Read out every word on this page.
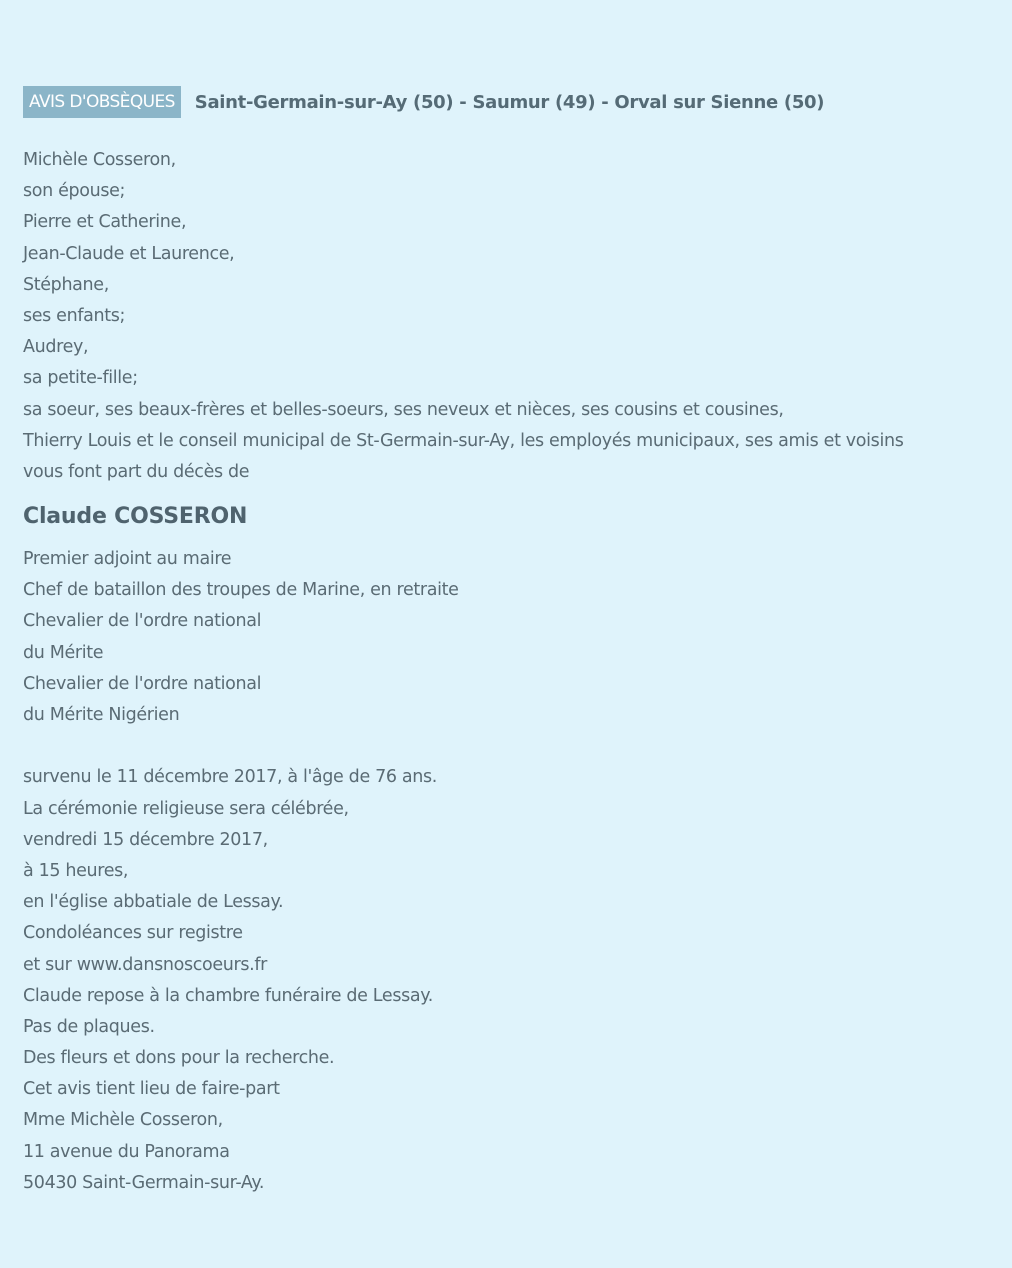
AVIS D'OBSÈQUES	Saint-Germain-sur-Ay (50) - Saumur (49) - Orval sur Sienne (50)
Michèle Cosseron,
son épouse;
Pierre et Catherine,
Jean-Claude et Laurence,
Stéphane,
ses enfants;
Audrey,
sa petite-fille;
sa soeur, ses beaux-frères et belles-soeurs, ses neveux et nièces, ses cousins et cousines,
Thierry Louis et le conseil municipal de St-Germain-sur-Ay, les employés municipaux, ses amis et voisins
vous font part du décès de
Claude COSSERON
Premier adjoint au maire
Chef de bataillon des troupes de Marine, en retraite
Chevalier de l'ordre national
du Mérite
Chevalier de l'ordre national
du Mérite Nigérien
survenu le 11 décembre 2017, à l'âge de 76 ans.
La cérémonie religieuse sera célébrée,
vendredi 15 décembre 2017,
à 15 heures,
en l'église abbatiale de Lessay.
Condoléances sur registre
et sur www.dansnoscoeurs.fr
Claude repose à la chambre funéraire de Lessay.
Pas de plaques.
Des fleurs et dons pour la recherche.
Cet avis tient lieu de faire-part
Mme Michèle Cosseron,
11 avenue du Panorama
50430 Saint-Germain-sur-Ay.
